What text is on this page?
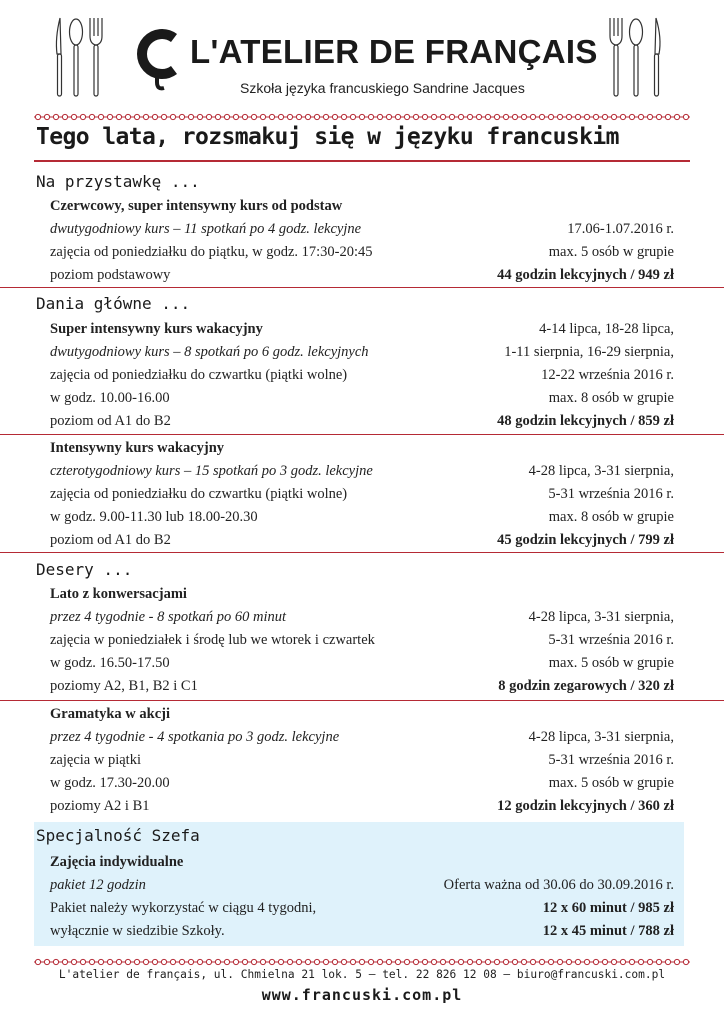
L'ATELIER DE FRANÇAIS
Szkoła języka francuskiego Sandrine Jacques
Tego lata, rozsmakuj się w języku francuskim
Na przystawkę ...
Czerwcowy, super intensywny kurs od podstaw
dwutygodniowy kurs – 11 spotkań po 4 godz. lekcyjne	17.06-1.07.2016 r.
zajęcia od poniedziałku do piątku, w godz. 17:30-20:45	max. 5 osób w grupie
poziom podstawowy	44 godzin lekcyjnych / 949 zł
Dania główne ...
Super intensywny kurs wakacyjny	4-14 lipca, 18-28 lipca,
dwutygodniowy kurs – 8 spotkań po 6 godz. lekcyjnych	1-11 sierpnia, 16-29 sierpnia,
zajęcia od poniedziałku do czwartku (piątki wolne)	12-22 września 2016 r.
w godz. 10.00-16.00	max. 8 osób w grupie
poziom od A1 do B2	48 godzin lekcyjnych / 859 zł
Intensywny kurs wakacyjny
czterotygodniowy kurs – 15 spotkań po 3 godz. lekcyjne	4-28 lipca, 3-31 sierpnia,
zajęcia od poniedziałku do czwartku (piątki wolne)	5-31 września 2016 r.
w godz. 9.00-11.30 lub 18.00-20.30	max. 8 osób w grupie
poziom od A1 do B2	45 godzin lekcyjnych / 799 zł
Desery ...
Lato z konwersacjami
przez 4 tygodnie - 8 spotkań po 60 minut	4-28 lipca, 3-31 sierpnia,
zajęcia w poniedziałek i środę lub we wtorek i czwartek	5-31 września 2016 r.
w godz. 16.50-17.50	max. 5 osób w grupie
poziomy A2, B1, B2 i C1	8 godzin zegarowych / 320 zł
Gramatyka w akcji
przez 4 tygodnie - 4 spotkania po 3 godz. lekcyjne	4-28 lipca, 3-31 sierpnia,
zajęcia w piątki	5-31 września 2016 r.
w godz. 17.30-20.00	max. 5 osób w grupie
poziomy A2 i B1	12 godzin lekcyjnych / 360 zł
Specjalność Szefa
Zajęcia indywidualne
pakiet 12 godzin	Oferta ważna od 30.06 do 30.09.2016 r.
Pakiet należy wykorzystać w ciągu 4 tygodni,	12 x 60 minut / 985 zł
wyłącznie w siedzibie Szkoły.	12 x 45 minut / 788 zł
L'atelier de français, ul. Chmielna 21 lok. 5 – tel. 22 826 12 08 – biuro@francuski.com.pl
www.francuski.com.pl
